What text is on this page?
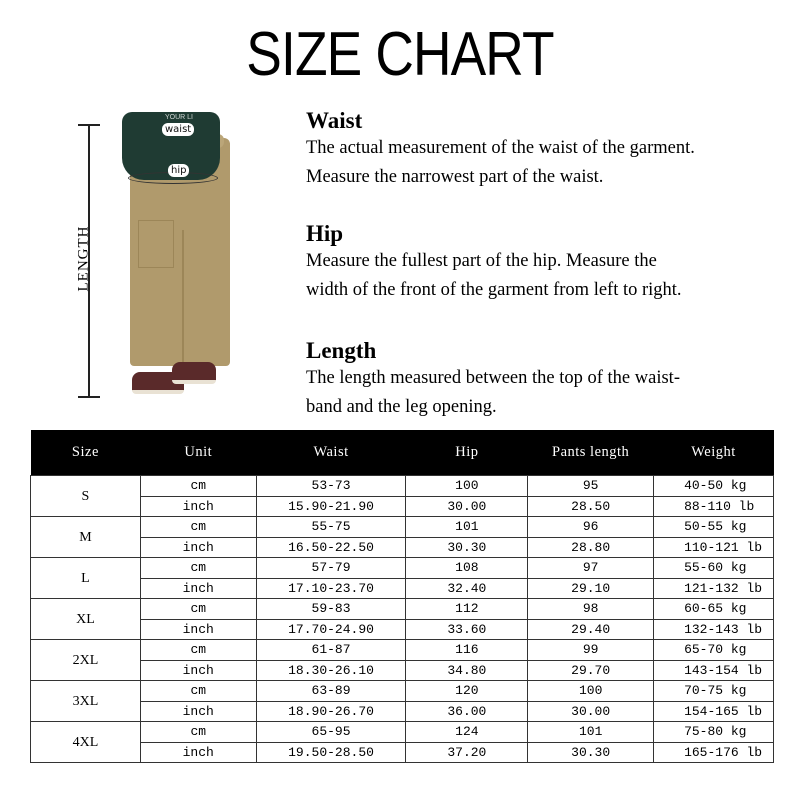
SIZE CHART
LENGTH
YOUR LI
waist
hip
Waist

The actual measurement of the waist of the garment.

Measure the narrowest part of the waist.

Hip

Measure the fullest part of the hip. Measure the

width of the front of the garment from left to right.

Length

The length measured between the top of the waist-

band and the leg opening.

Size	Unit	Waist	Hip	Pants length	Weight
S	cm	53-73	100	95	40-50 kg
	inch	15.90-21.90	30.00	28.50	88-110 lb
M	cm	55-75	101	96	50-55 kg
	inch	16.50-22.50	30.30	28.80	110-121 lb
L	cm	57-79	108	97	55-60 kg
	inch	17.10-23.70	32.40	29.10	121-132 lb
XL	cm	59-83	112	98	60-65 kg
	inch	17.70-24.90	33.60	29.40	132-143 lb
2XL	cm	61-87	116	99	65-70 kg
	inch	18.30-26.10	34.80	29.70	143-154 lb
3XL	cm	63-89	120	100	70-75 kg
	inch	18.90-26.70	36.00	30.00	154-165 lb
4XL	cm	65-95	124	101	75-80 kg
	inch	19.50-28.50	37.20	30.30	165-176 lb
